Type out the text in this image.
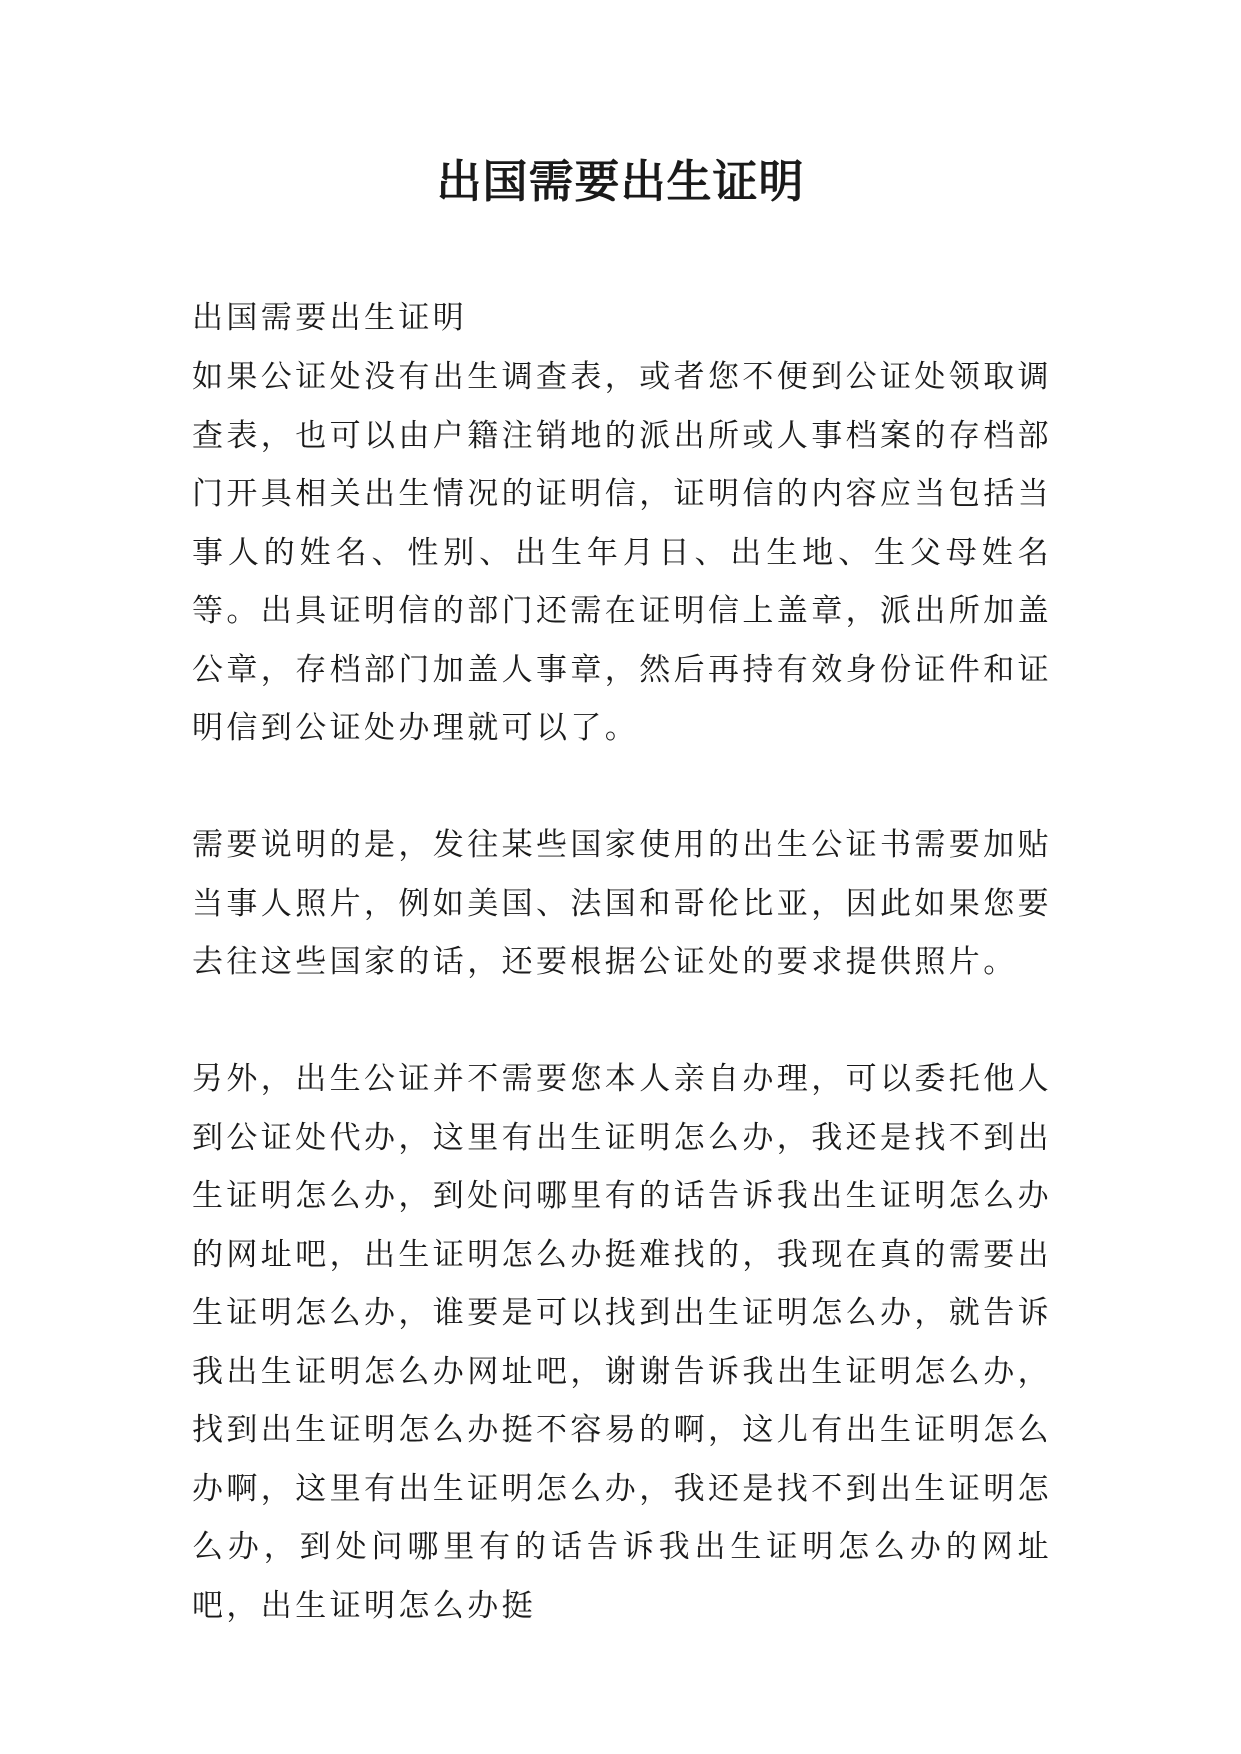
出国需要出生证明

出国需要出生证明

如果公证处没有出生调查表，或者您不便到公证处领取调查表，也可以由户籍注销地的派出所或人事档案的存档部门开具相关出生情况的证明信，证明信的内容应当包括当事人的姓名、性别、出生年月日、出生地、生父母姓名等。出具证明信的部门还需在证明信上盖章，派出所加盖公章，存档部门加盖人事章，然后再持有效身份证件和证明信到公证处办理就可以了。

需要说明的是，发往某些国家使用的出生公证书需要加贴当事人照片，例如美国、法国和哥伦比亚，因此如果您要去往这些国家的话，还要根据公证处的要求提供照片。

另外，出生公证并不需要您本人亲自办理，可以委托他人到公证处代办，这里有出生证明怎么办，我还是找不到出生证明怎么办，到处问哪里有的话告诉我出生证明怎么办的网址吧，出生证明怎么办挺难找的，我现在真的需要出生证明怎么办，谁要是可以找到出生证明怎么办，就告诉我出生证明怎么办网址吧，谢谢告诉我出生证明怎么办，找到出生证明怎么办挺不容易的啊，这儿有出生证明怎么办啊，这里有出生证明怎么办，我还是找不到出生证明怎么办，到处问哪里有的话告诉我出生证明怎么办的网址吧，出生证明怎么办挺
